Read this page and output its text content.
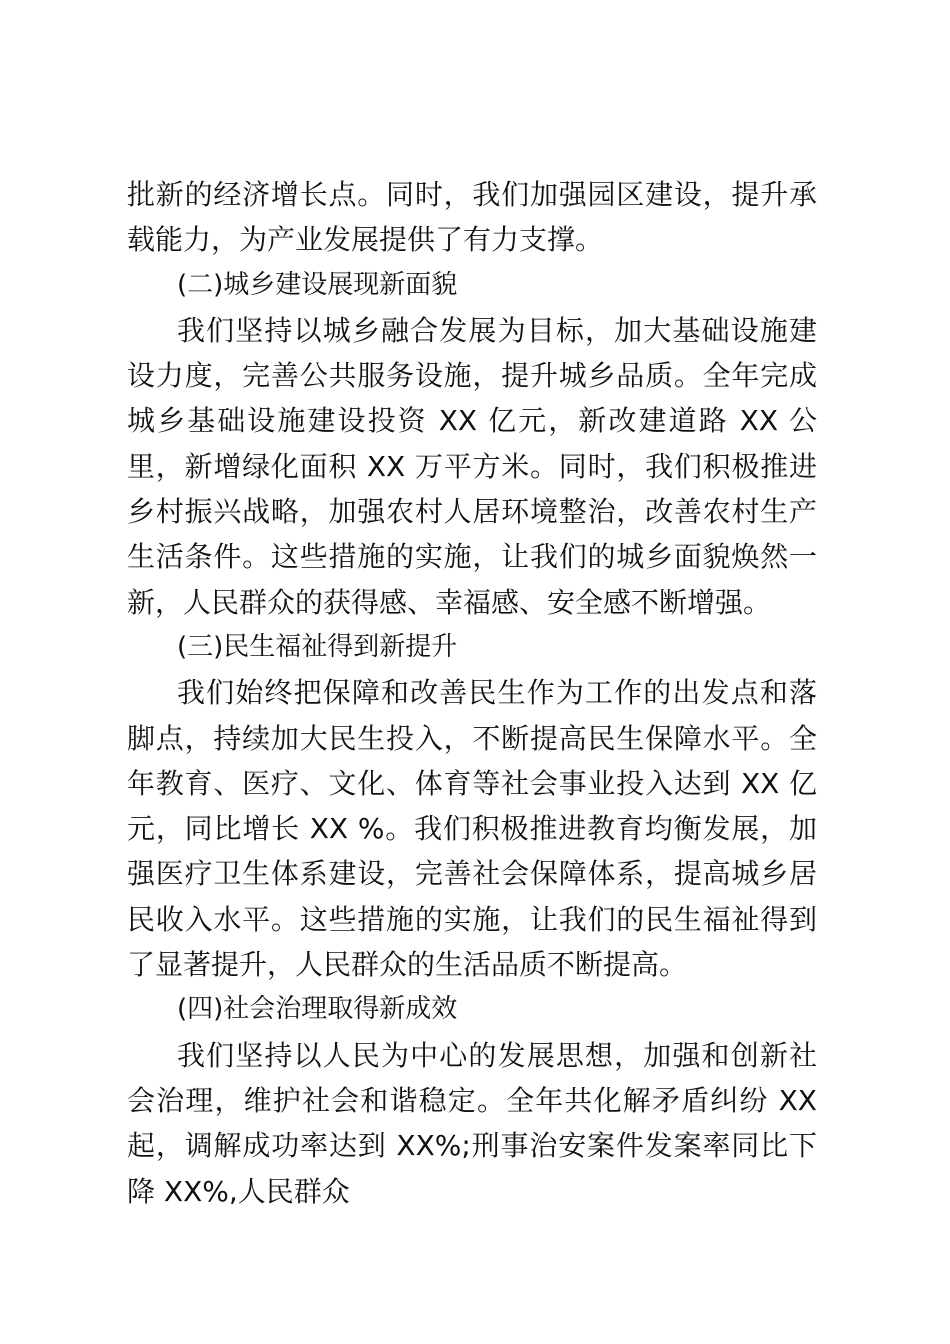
批新的经济增长点。同时，我们加强园区建设，提升承载能力，为产业发展提供了有力支撑。

(二)城乡建设展现新面貌

我们坚持以城乡融合发展为目标，加大基础设施建设力度，完善公共服务设施，提升城乡品质。全年完成城乡基础设施建设投资 XX 亿元，新改建道路 XX 公里，新增绿化面积 XX 万平方米。同时，我们积极推进乡村振兴战略，加强农村人居环境整治，改善农村生产生活条件。这些措施的实施，让我们的城乡面貌焕然一新，人民群众的获得感、幸福感、安全感不断增强。

(三)民生福祉得到新提升

我们始终把保障和改善民生作为工作的出发点和落脚点，持续加大民生投入，不断提高民生保障水平。全年教育、医疗、文化、体育等社会事业投入达到 XX 亿元，同比增长 XX %。我们积极推进教育均衡发展，加强医疗卫生体系建设，完善社会保障体系，提高城乡居民收入水平。这些措施的实施，让我们的民生福祉得到了显著提升，人民群众的生活品质不断提高。

(四)社会治理取得新成效

我们坚持以人民为中心的发展思想，加强和创新社会治理，维护社会和谐稳定。全年共化解矛盾纠纷 XX 起，调解成功率达到 XX%;刑事治安案件发案率同比下降 XX%,人民群众
